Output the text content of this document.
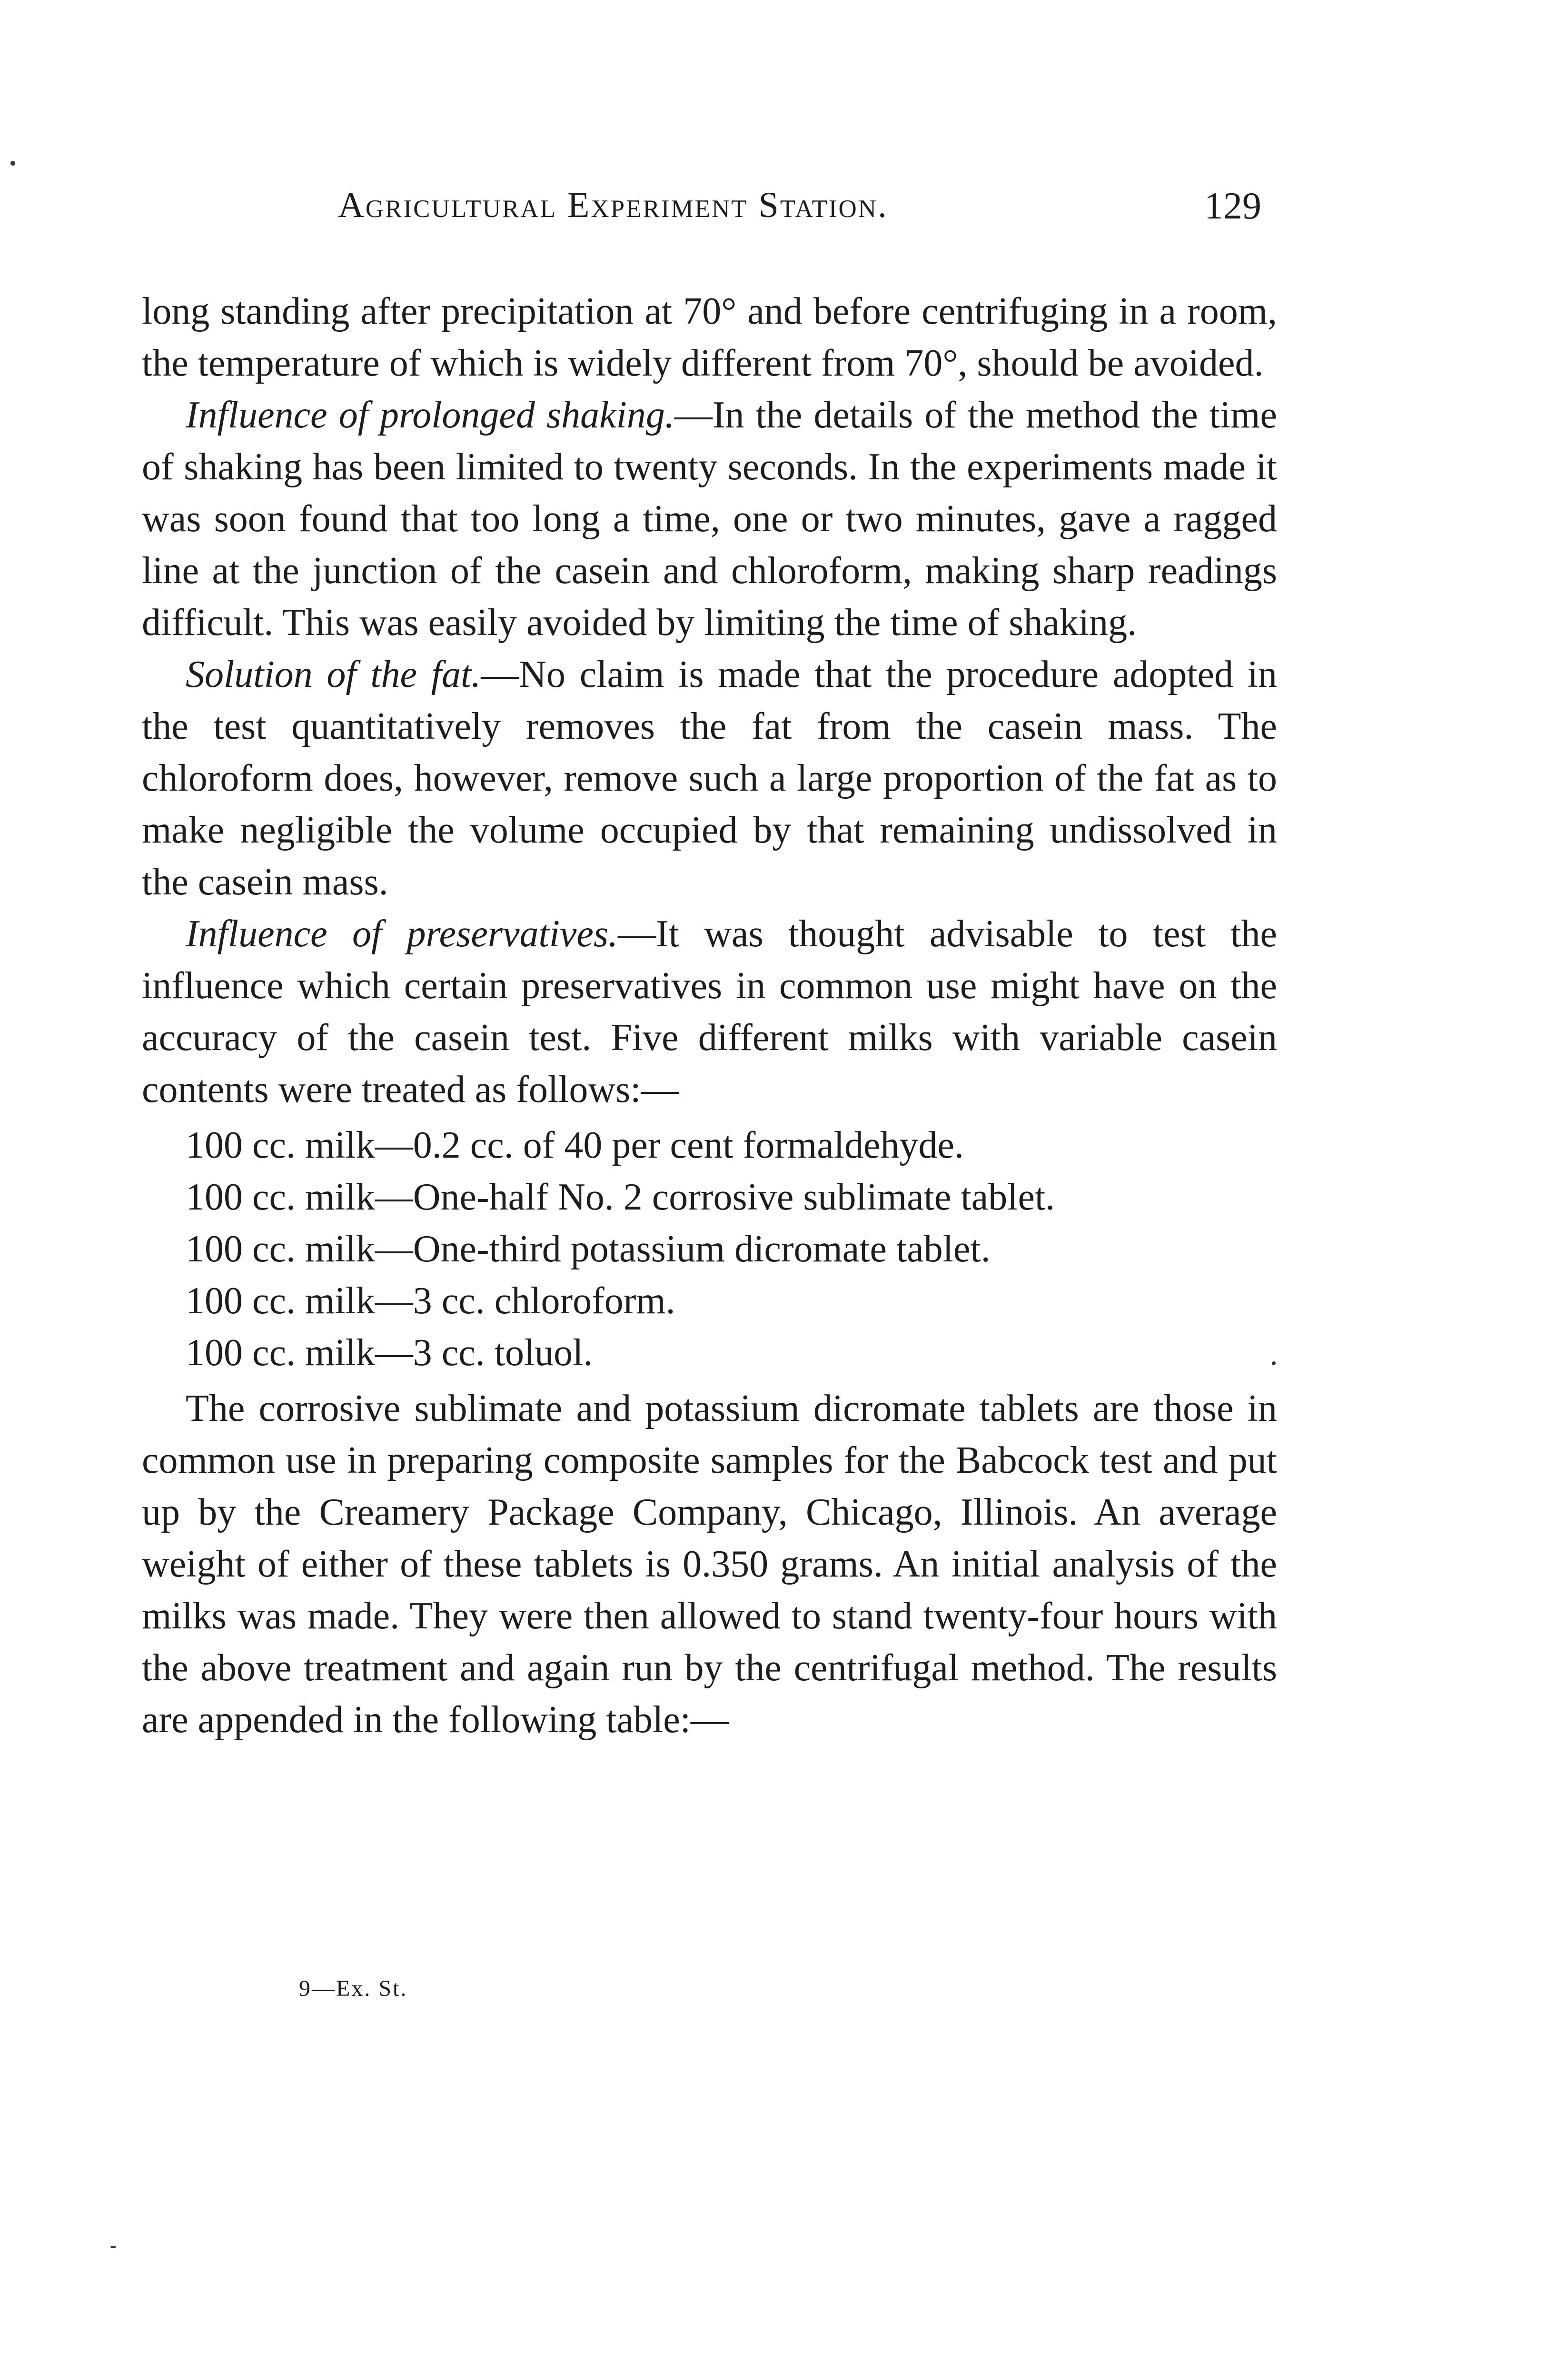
Agricultural Experiment Station.	129

long standing after precipitation at 70° and before centrifuging in a room, the temperature of which is widely different from 70°, should be avoided.

Influence of prolonged shaking.—In the details of the method the time of shaking has been limited to twenty seconds. In the experiments made it was soon found that too long a time, one or two minutes, gave a ragged line at the junction of the casein and chloroform, making sharp readings difficult. This was easily avoided by limiting the time of shaking.

Solution of the fat.—No claim is made that the procedure adopted in the test quantitatively removes the fat from the casein mass. The chloroform does, however, remove such a large proportion of the fat as to make negligible the volume occupied by that remaining undissolved in the casein mass.

Influence of preservatives.—It was thought advisable to test the influence which certain preservatives in common use might have on the accuracy of the casein test. Five different milks with variable casein contents were treated as follows:—

100 cc. milk—0.2 cc. of 40 per cent formaldehyde.
100 cc. milk—One-half No. 2 corrosive sublimate tablet.
100 cc. milk—One-third potassium dicromate tablet.
100 cc. milk—3 cc. chloroform.
100 cc. milk—3 cc. toluol.

The corrosive sublimate and potassium dicromate tablets are those in common use in preparing composite samples for the Babcock test and put up by the Creamery Package Company, Chicago, Illinois. An average weight of either of these tablets is 0.350 grams. An initial analysis of the milks was made. They were then allowed to stand twenty-four hours with the above treatment and again run by the centrifugal method. The results are appended in the following table:—

9—Ex. St.
